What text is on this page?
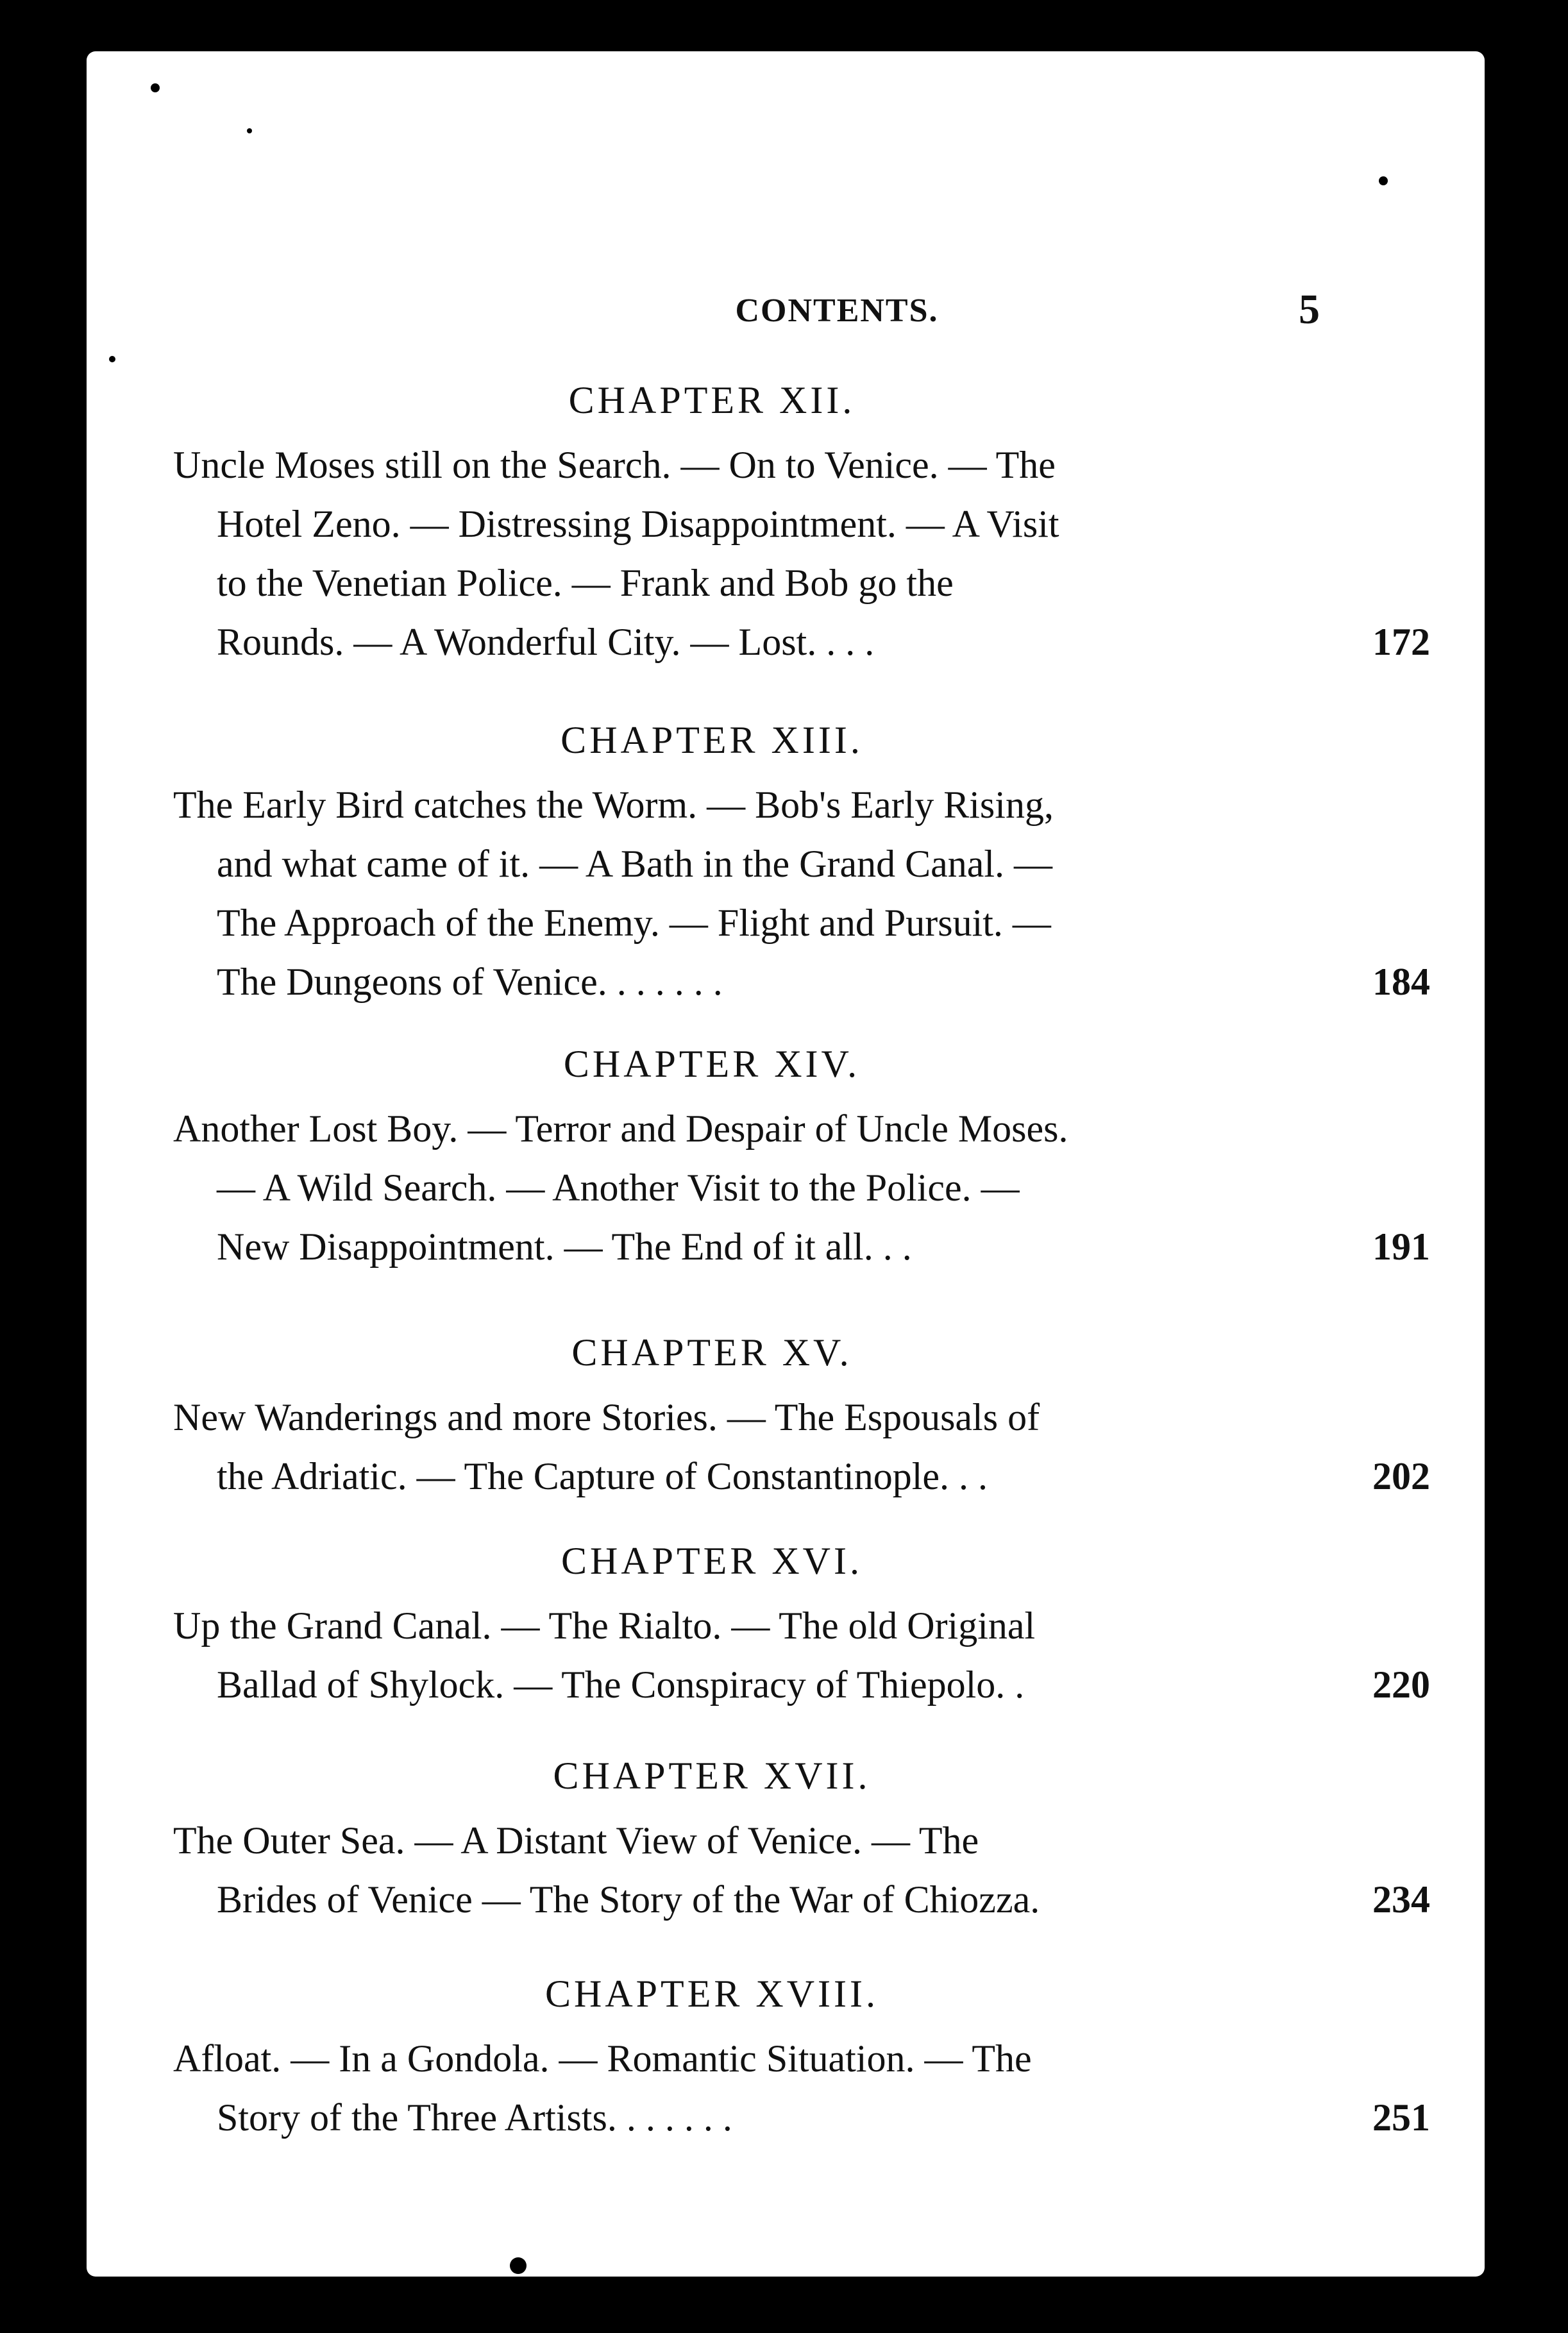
CONTENTS.	5
CHAPTER XII.
Uncle Moses still on the Search. — On to Venice. — The
Hotel Zeno. — Distressing Disappointment. — A Visit
to the Venetian Police. — Frank and Bob go the
Rounds. — A Wonderful City. — Lost. . . .	172
CHAPTER XIII.
The Early Bird catches the Worm. — Bob's Early Rising,
and what came of it. — A Bath in the Grand Canal. —
The Approach of the Enemy. — Flight and Pursuit. —
The Dungeons of Venice. . . . . . .	184
CHAPTER XIV.
Another Lost Boy. — Terror and Despair of Uncle Moses.
— A Wild Search. — Another Visit to the Police. —
New Disappointment. — The End of it all. . .	191
CHAPTER XV.
New Wanderings and more Stories. — The Espousals of
the Adriatic. — The Capture of Constantinople. . .	202
CHAPTER XVI.
Up the Grand Canal. — The Rialto. — The old Original
Ballad of Shylock. — The Conspiracy of Thiepolo. .	220
CHAPTER XVII.
The Outer Sea. — A Distant View of Venice. — The
Brides of Venice — The Story of the War of Chiozza.	234
CHAPTER XVIII.
Afloat. — In a Gondola. — Romantic Situation. — The
Story of the Three Artists. . . . . . .	251
